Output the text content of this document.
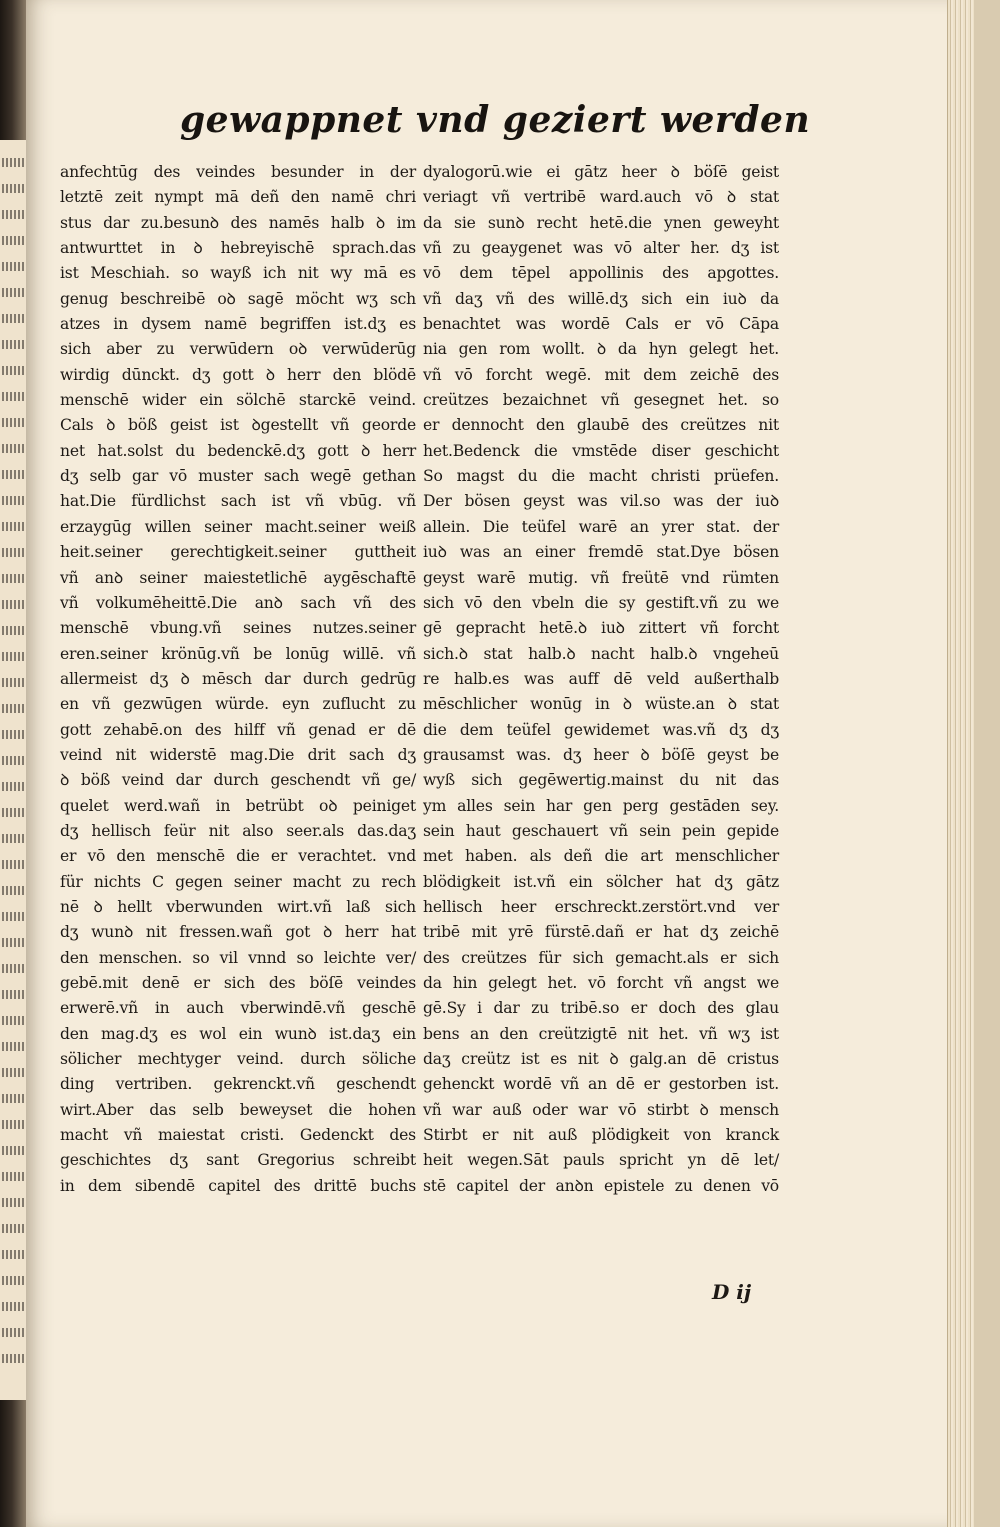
gewappnet vnd geziert werden
anfechtūg des veindes besunder in der
letztē zeit nympt mā deñ den namē chri
stus dar zu.besunꝺ des namēs halb ꝺ im
antwurttet in ꝺ hebreyischē sprach.das
ist Meschiah. so wayß ich nit wy mā es
genug beschreibē oꝺ sagē möcht wʒ sch
atzes in dysem namē begriffen ist.dʒ es
sich aber zu verwūdern oꝺ verwūderūg
wirdig dūnckt. dʒ gott ꝺ herr den blödē
menschē wider ein sölchē starckē veind.
Cals ꝺ böß geist ist ꝺgestellt vñ georde
net hat.solst du bedenckē.dʒ gott ꝺ herr
dʒ selb gar vō muster sach wegē gethan
hat.Die fürdlichst sach ist vñ vbūg. vñ
erzaygūg willen seiner macht.seiner weiß
heit.seiner gerechtigkeit.seiner guttheit
vñ anꝺ seiner maiestetlichē aygēschaftē
vñ volkumēheittē.Die anꝺ sach vñ des
menschē vbung.vñ seines nutzes.seiner
eren.seiner krönūg.vñ be lonūg willē. vñ
allermeist dʒ ꝺ mēsch dar durch gedrūg
en vñ gezwūgen würde. eyn zuflucht zu
gott zehabē.on des hilff vñ genad er dē
veind nit widerstē mag.Die drit sach dʒ
ꝺ böß veind dar durch geschendt vñ ge/
quelet werd.wañ in betrübt oꝺ peiniget
dʒ hellisch feür nit also seer.als das.daʒ
er vō den menschē die er verachtet. vnd
für nichts C gegen seiner macht zu rech
nē ꝺ hellt vberwunden wirt.vñ laß sich
dʒ wunꝺ nit fressen.wañ got ꝺ herr hat
den menschen. so vil vnnd so leichte ver/
gebē.mit denē er sich des böſē veindes
erwerē.vñ in auch vberwindē.vñ geschē
den mag.dʒ es wol ein wunꝺ ist.daʒ ein
sölicher mechtyger veind. durch söliche
ding vertriben. gekrenckt.vñ geschendt
wirt.Aber das selb beweyset die hohen
macht vñ maiestat cristi. Gedenckt des
geschichtes dʒ sant Gregorius schreibt
in dem sibendē capitel des drittē buchs
dyalogorū.wie ei gātz heer ꝺ böſē geist
veriagt vñ vertribē ward.auch vō ꝺ stat
da sie sunꝺ recht hetē.die ynen geweyht
vñ zu geaygenet was vō alter her. dʒ ist
vō dem tēpel appollinis des apgottes.
vñ daʒ vñ des willē.dʒ sich ein iuꝺ da
benachtet was wordē Cals er vō Cāpa
nia gen rom wollt. ꝺ da hyn gelegt het.
vñ vō forcht wegē. mit dem zeichē des
creützes bezaichnet vñ gesegnet het. so
er dennocht den glaubē des creützes nit
het.Bedenck die vmstēde diser geschicht
So magst du die macht christi prüefen.
Der bösen geyst was vil.so was der iuꝺ
allein. Die teüfel warē an yrer stat. der
iuꝺ was an einer fremdē stat.Dye bösen
geyst warē mutig. vñ freütē vnd rümten
sich vō den vbeln die sy gestift.vñ zu we
gē gepracht hetē.ꝺ iuꝺ zittert vñ forcht
sich.ꝺ stat halb.ꝺ nacht halb.ꝺ vngeheū
re halb.es was auff dē veld außerthalb
mēschlicher wonūg in ꝺ wüste.an ꝺ stat
die dem teüfel gewidemet was.vñ dʒ dʒ
grausamst was. dʒ heer ꝺ böſē geyst be
wyß sich gegēwertig.mainst du nit das
ym alles sein har gen perg gestāden sey.
sein haut geschauert vñ sein pein gepide
met haben. als deñ die art menschlicher
blödigkeit ist.vñ ein sölcher hat dʒ gātz
hellisch heer erschreckt.zerstört.vnd ver
tribē mit yrē fürstē.dañ er hat dʒ zeichē
des creützes für sich gemacht.als er sich
da hin gelegt het. vō forcht vñ angst we
gē.Sy i dar zu tribē.so er doch des glau
bens an den creützigtē nit het. vñ wʒ ist
daʒ creütz ist es nit ꝺ galg.an dē cristus
gehenckt wordē vñ an dē er gestorben ist.
vñ war auß oder war vō stirbt ꝺ mensch
Stirbt er nit auß plödigkeit von kranck
heit wegen.Sāt pauls spricht yn dē let/
stē capitel der anꝺn epistele zu denen vō
D ij
